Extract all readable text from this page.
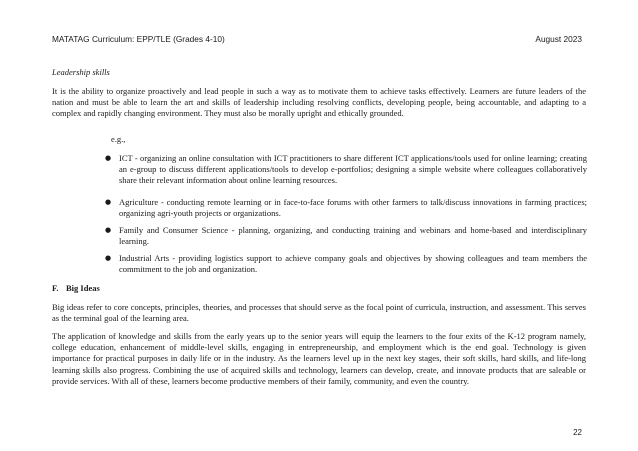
MATATAG Curriculum: EPP/TLE (Grades 4-10)	August 2023
Leadership skills
It is the ability to organize proactively and lead people in such a way as to motivate them to achieve tasks effectively. Learners are future leaders of the nation and must be able to learn the art and skills of leadership including resolving conflicts, developing people, being accountable, and adapting to a complex and rapidly changing environment. They must also be morally upright and ethically grounded.
e.g.,
● ICT - organizing an online consultation with ICT practitioners to share different ICT applications/tools used for online learning; creating an e-group to discuss different applications/tools to develop e-portfolios; designing a simple website where colleagues collaboratively share their relevant information about online learning resources.
● Agriculture - conducting remote learning or in face-to-face forums with other farmers to talk/discuss innovations in farming practices; organizing agri-youth projects or organizations.
● Family and Consumer Science - planning, organizing, and conducting training and webinars and home-based and interdisciplinary learning.
● Industrial Arts - providing logistics support to achieve company goals and objectives by showing colleagues and team members the commitment to the job and organization.
F. Big Ideas
Big ideas refer to core concepts, principles, theories, and processes that should serve as the focal point of curricula, instruction, and assessment. This serves as the terminal goal of the learning area.
The application of knowledge and skills from the early years up to the senior years will equip the learners to the four exits of the K-12 program namely, college education, enhancement of middle-level skills, engaging in entrepreneurship, and employment which is the end goal. Technology is given importance for practical purposes in daily life or in the industry. As the learners level up in the next key stages, their soft skills, hard skills, and life-long learning skills also progress. Combining the use of acquired skills and technology, learners can develop, create, and innovate products that are saleable or provide services. With all of these, learners become productive members of their family, community, and even the country.
22
